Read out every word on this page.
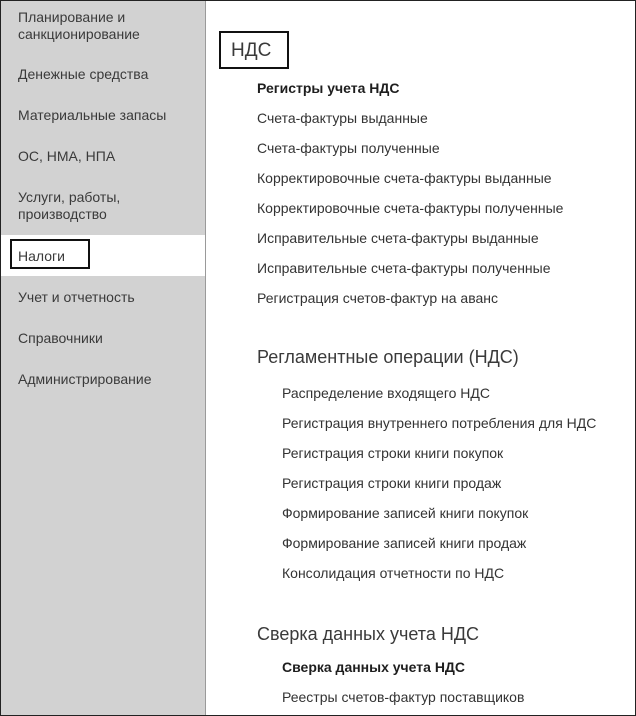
Планирование и
санкционирование
Денежные средства
Материальные запасы
ОС, НМА, НПА
Услуги, работы,
производство
Налоги
Учет и отчетность
Справочники
Администрирование
НДС
Регистры учета НДС
Счета-фактуры выданные
Счета-фактуры полученные
Корректировочные счета-фактуры выданные
Корректировочные счета-фактуры полученные
Исправительные счета-фактуры выданные
Исправительные счета-фактуры полученные
Регистрация счетов-фактур на аванс
Регламентные операции (НДС)
Распределение входящего НДС
Регистрация внутреннего потребления для НДС
Регистрация строки книги покупок
Регистрация строки книги продаж
Формирование записей книги покупок
Формирование записей книги продаж
Консолидация отчетности по НДС
Сверка данных учета НДС
Сверка данных учета НДС
Реестры счетов-фактур поставщиков
